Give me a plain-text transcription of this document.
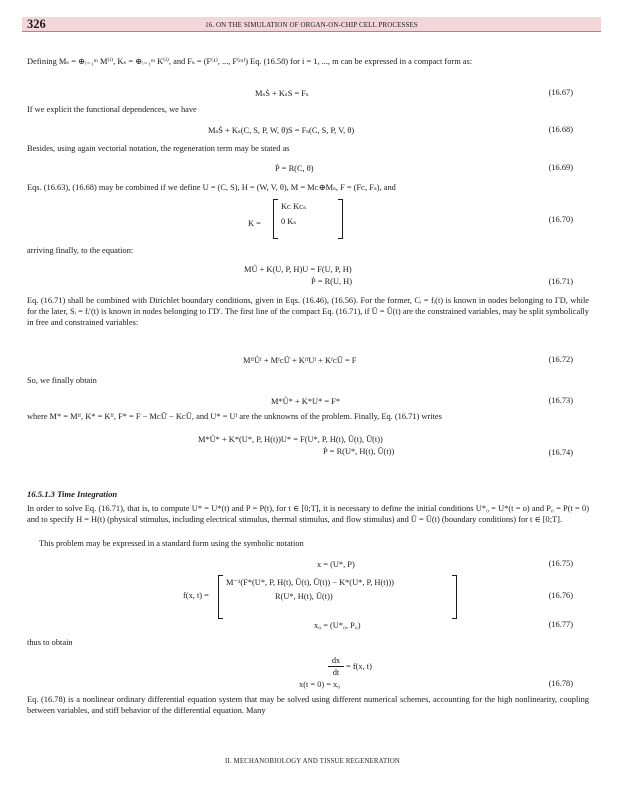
326	16. ON THE SIMULATION OF ORGAN-ON-CHIP CELL PROCESSES
Defining Mₛ = ⊕ᵢ₌₁ᵐ M⁽ⁱ⁾, Kₛ = ⊕ᵢ₌₁ᵐ K⁽ⁱ⁾, and Fₛ = (F⁽¹⁾, ..., F⁽ᵐ⁾) Eq. (16.58) for i = 1, ..., m can be expressed in a compact form as:
MₛṠ + KₛS = Fₛ	(16.67)
If we explicit the functional dependences, we have
MₛṠ + Kₛ(C, S, P, W, θ)S = Fₛ(C, S, P, V, θ)	(16.68)
Besides, using again vectorial notation, the regeneration term may be stated as
Ṗ = R(C, θ)	(16.69)
Eqs. (16.63), (16.68) may be combined if we define U = (C, S), H = (W, V, θ), M = Mᴄ⊕Mₛ, F = (Fᴄ, Fₛ), and
K =
Kᴄ Kᴄₛ
0 Kₛ	(16.70)
arriving finally, to the equation:
MŮ + K(U, P, H)U = F(U, P, H)
Ṗ = R(U, H)	(16.71)
Eq. (16.71) shall be combined with Dirichlet boundary conditions, given in Eqs. (16.46), (16.56). For the former, Cᵢ = fᵢ(t) is known in nodes belonging to ΓD, while for the later, Sᵢ = fᵢ′(t) is known in nodes belonging to ΓD′. The first line of the compact Eq. (16.71), if Ū = Ū(t) are the constrained variables, may be split symbolically in free and constrained variables:
MᶠᶠŮᶠ + MᶠᴄŪ̇ + KᶠᶠUᶠ + KᶠᴄŪ = F	(16.72)
So, we finally obtain
M*Ů* + K*U* = F*	(16.73)
where M* = Mᶠᶠ, K* = Kᶠᶠ, F* = F − MᴄŪ̇ − KᴄŪ, and U* = Uᶠ are the unknowns of the problem. Finally, Eq. (16.71) writes
M*Ů* + K*(U*, P, H(t))U* = F(U*, P, H(t), Ū(t), Ū̇(t))
Ṗ = R(U*, H(t), Ū(t))	(16.74)
16.5.1.3 Time Integration
In order to solve Eq. (16.71), that is, to compute U* = U*(t) and P = P(t), for t ∈ [0;T], it is necessary to define the initial conditions U*₀ = U*(t = o) and P₀ = P(t = 0) and to specify H = H(t) (physical stimulus, including electrical stimulus, thermal stimulus, and flow stimulus) and Ū = Ū(t) (boundary conditions) for t ∈ [0;T].
This problem may be expressed in a standard form using the symbolic notation
x = (U*, P)	(16.75)
f(x, t) =
M⁻¹(F*(U*, P, H(t), Ū(t), Ū̇(t)) − K*(U*, P, H(t)))
R(U*, H(t), Ū(t))	(16.76)
x₀ = (U*₀, P₀)	(16.77)
thus to obtain
dx
dt
= f(x, t)
x(t = 0) = x₀	(16.78)
Eq. (16.78) is a nonlinear ordinary differential equation system that may be solved using different numerical schemes, accounting for the high nonlinearity, coupling between variables, and stiff behavior of the differential equation. Many
II. MECHANOBIOLOGY AND TISSUE REGENERATION
